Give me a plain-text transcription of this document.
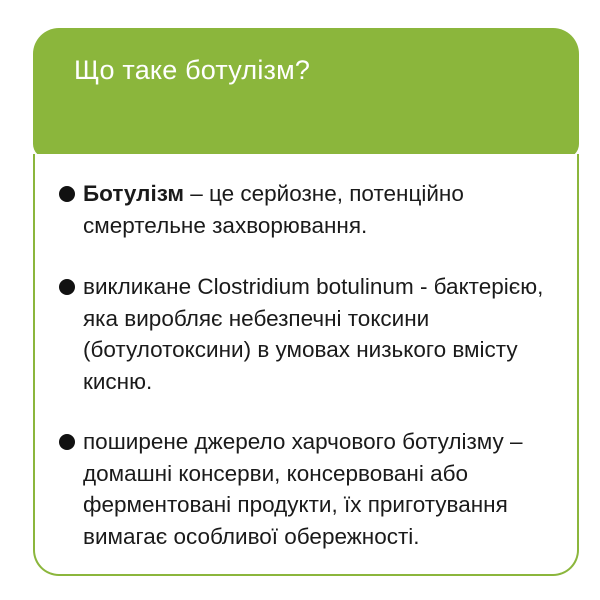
Що таке ботулізм?
Ботулізм – це серйозне, потенційно
смертельне захворювання.
викликане Clostridium botulinum - бактерією,
яка виробляє небезпечні токсини
(ботулотоксини) в умовах низького вмісту
кисню.
поширене джерело харчового ботулізму –
домашні консерви, консервовані або
ферментовані продукти, їх приготування
вимагає особливої обережності.
